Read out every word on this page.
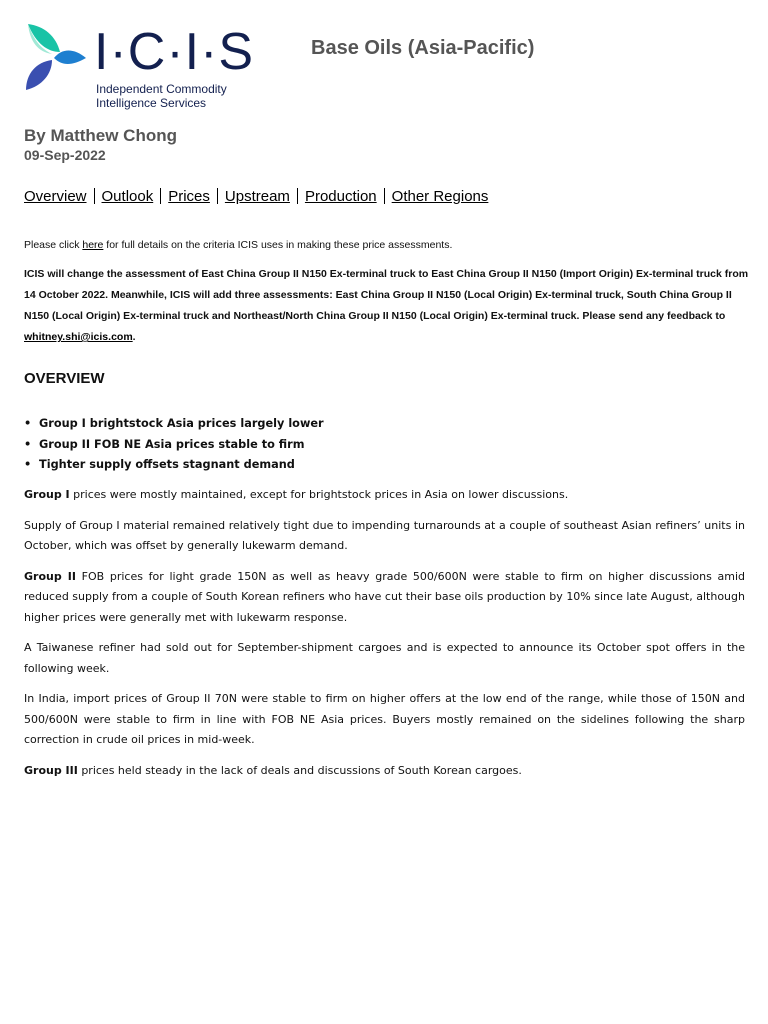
I·C·I·S
Independent Commodity
Intelligence Services
Base Oils (Asia-Pacific)
By Matthew Chong
09-Sep-2022
Overview Outlook Prices Upstream Production Other Regions
Please click here for full details on the criteria ICIS uses in making these price assessments.
ICIS will change the assessment of East China Group II N150 Ex-terminal truck to East China Group II N150 (Import Origin) Ex-terminal truck from 14 October 2022. Meanwhile, ICIS will add three assessments: East China Group II N150 (Local Origin) Ex-terminal truck, South China Group II N150 (Local Origin) Ex-terminal truck and Northeast/North China Group II N150 (Local Origin) Ex-terminal truck. Please send any feedback to whitney.shi@icis.com.
OVERVIEW
• Group I brightstock Asia prices largely lower
• Group II FOB NE Asia prices stable to firm
• Tighter supply offsets stagnant demand

Group I prices were mostly maintained, except for brightstock prices in Asia on lower discussions.

Supply of Group I material remained relatively tight due to impending turnarounds at a couple of southeast Asian refiners’ units in October, which was offset by generally lukewarm demand.

Group II FOB prices for light grade 150N as well as heavy grade 500/600N were stable to firm on higher discussions amid reduced supply from a couple of South Korean refiners who have cut their base oils production by 10% since late August, although higher prices were generally met with lukewarm response.

A Taiwanese refiner had sold out for September-shipment cargoes and is expected to announce its October spot offers in the following week.

In India, import prices of Group II 70N were stable to firm on higher offers at the low end of the range, while those of 150N and 500/600N were stable to firm in line with FOB NE Asia prices. Buyers mostly remained on the sidelines following the sharp correction in crude oil prices in mid-week.

Group III prices held steady in the lack of deals and discussions of South Korean cargoes.
